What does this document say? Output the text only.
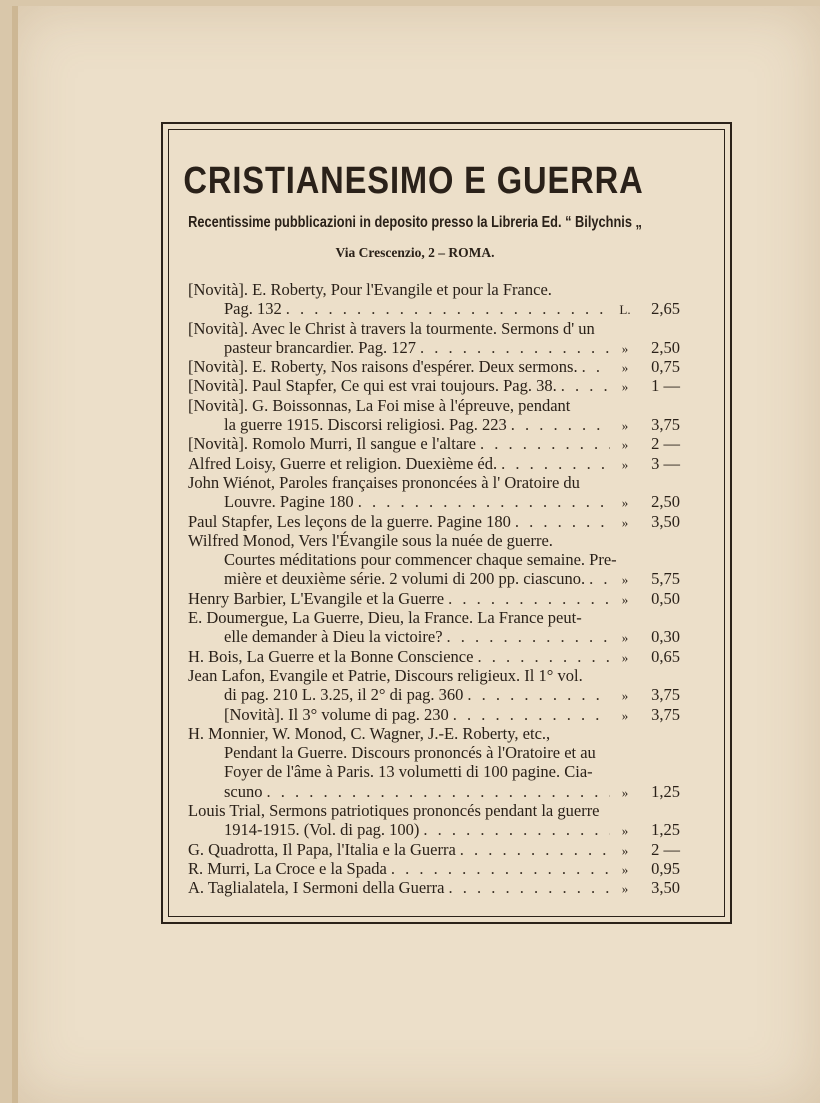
CRISTIANESIMO E GUERRA
Recentissime pubblicazioni in deposito presso la Libreria Ed. “ Bilychnis „
Via Crescenzio, 2 – ROMA.
[Novità]. E. Roberty, Pour l'Evangile et pour la France.
Pag. 132 . . .	L.	2,65
[Novità]. Avec le Christ à travers la tourmente. Sermons d' un
pasteur brancardier. Pag. 127 . . .	»	2,50
[Novità]. E. Roberty, Nos raisons d'espérer. Deux sermons. . . .	»	0,75
[Novità]. Paul Stapfer, Ce qui est vrai toujours. Pag. 38. . . .	»	1 —
[Novità]. G. Boissonnas, La Foi mise à l'épreuve, pendant
la guerre 1915. Discorsi religiosi. Pag. 223 . . .	»	3,75
[Novità]. Romolo Murri, Il sangue e l'altare . . .	»	2 —
Alfred Loisy, Guerre et religion. Duexième éd. . . .	»	3 —
John Wiénot, Paroles françaises prononcées à l' Oratoire du
Louvre. Pagine 180 . . .	»	2,50
Paul Stapfer, Les leçons de la guerre. Pagine 180 . . .	»	3,50
Wilfred Monod, Vers l'Évangile sous la nuée de guerre.
Courtes méditations pour commencer chaque semaine. Pre-
mière et deuxième série. 2 volumi di 200 pp. ciascuno. . . .	»	5,75
Henry Barbier, L'Evangile et la Guerre . . .	»	0,50
E. Doumergue, La Guerre, Dieu, la France. La France peut-
elle demander à Dieu la victoire? . . .	»	0,30
H. Bois, La Guerre et la Bonne Conscience . . .	»	0,65
Jean Lafon, Evangile et Patrie, Discours religieux. Il 1° vol.
di pag. 210 L. 3.25, il 2° di pag. 360 . . .	»	3,75
[Novità]. Il 3° volume di pag. 230 . . .	»	3,75
H. Monnier, W. Monod, C. Wagner, J.-E. Roberty, etc.,
Pendant la Guerre. Discours prononcés à l'Oratoire et au
Foyer de l'âme à Paris. 13 volumetti di 100 pagine. Cia-
scuno . . .	»	1,25
Louis Trial, Sermons patriotiques prononcés pendant la guerre
1914-1915. (Vol. di pag. 100) . . .	»	1,25
G. Quadrotta, Il Papa, l'Italia e la Guerra . . .	»	2 —
R. Murri, La Croce e la Spada . . .	»	0,95
A. Taglialatela, I Sermoni della Guerra . . .	»	3,50
